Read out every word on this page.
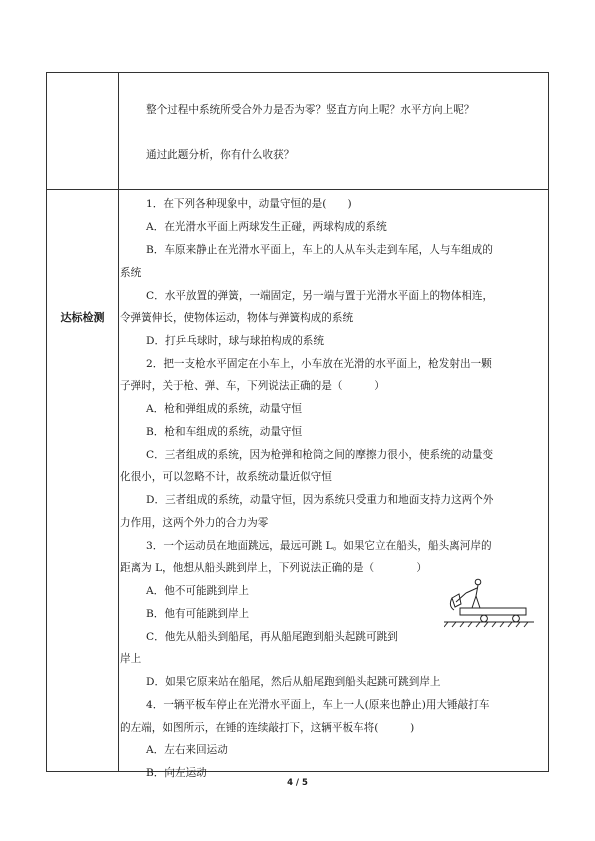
达标检测
整个过程中系统所受合外力是否为零？竖直方向上呢？水平方向上呢？
通过此题分析，你有什么收获？
1．在下列各种现象中，动量守恒的是(　　)
A．在光滑水平面上两球发生正碰，两球构成的系统
B．车原来静止在光滑水平面上，车上的人从车头走到车尾，人与车组成的
系统
C．水平放置的弹簧，一端固定，另一端与置于光滑水平面上的物体相连，
令弹簧伸长，使物体运动，物体与弹簧构成的系统
D．打乒乓球时，球与球拍构成的系统
2．把一支枪水平固定在小车上，小车放在光滑的水平面上，枪发射出一颗
子弹时，关于枪、弹、车，下列说法正确的是（　　　）
A．枪和弹组成的系统，动量守恒
B．枪和车组成的系统，动量守恒
C．三者组成的系统，因为枪弹和枪筒之间的摩擦力很小，使系统的动量变
化很小，可以忽略不计，故系统动量近似守恒
D．三者组成的系统，动量守恒，因为系统只受重力和地面支持力这两个外
力作用，这两个外力的合力为零
3．一个运动员在地面跳远，最远可跳 L。如果它立在船头，船头离河岸的
距离为 L，他想从船头跳到岸上，下列说法正确的是（　　　　）
A．他不可能跳到岸上
B．他有可能跳到岸上
C．他先从船头到船尾，再从船尾跑到船头起跳可跳到
岸上
D．如果它原来站在船尾，然后从船尾跑到船头起跳可跳到岸上
4．一辆平板车停止在光滑水平面上，车上一人(原来也静止)用大锤敲打车
的左端，如图所示，在锤的连续敲打下，这辆平板车将(　　　)
A．左右来回运动
B．向左运动
4 / 5
